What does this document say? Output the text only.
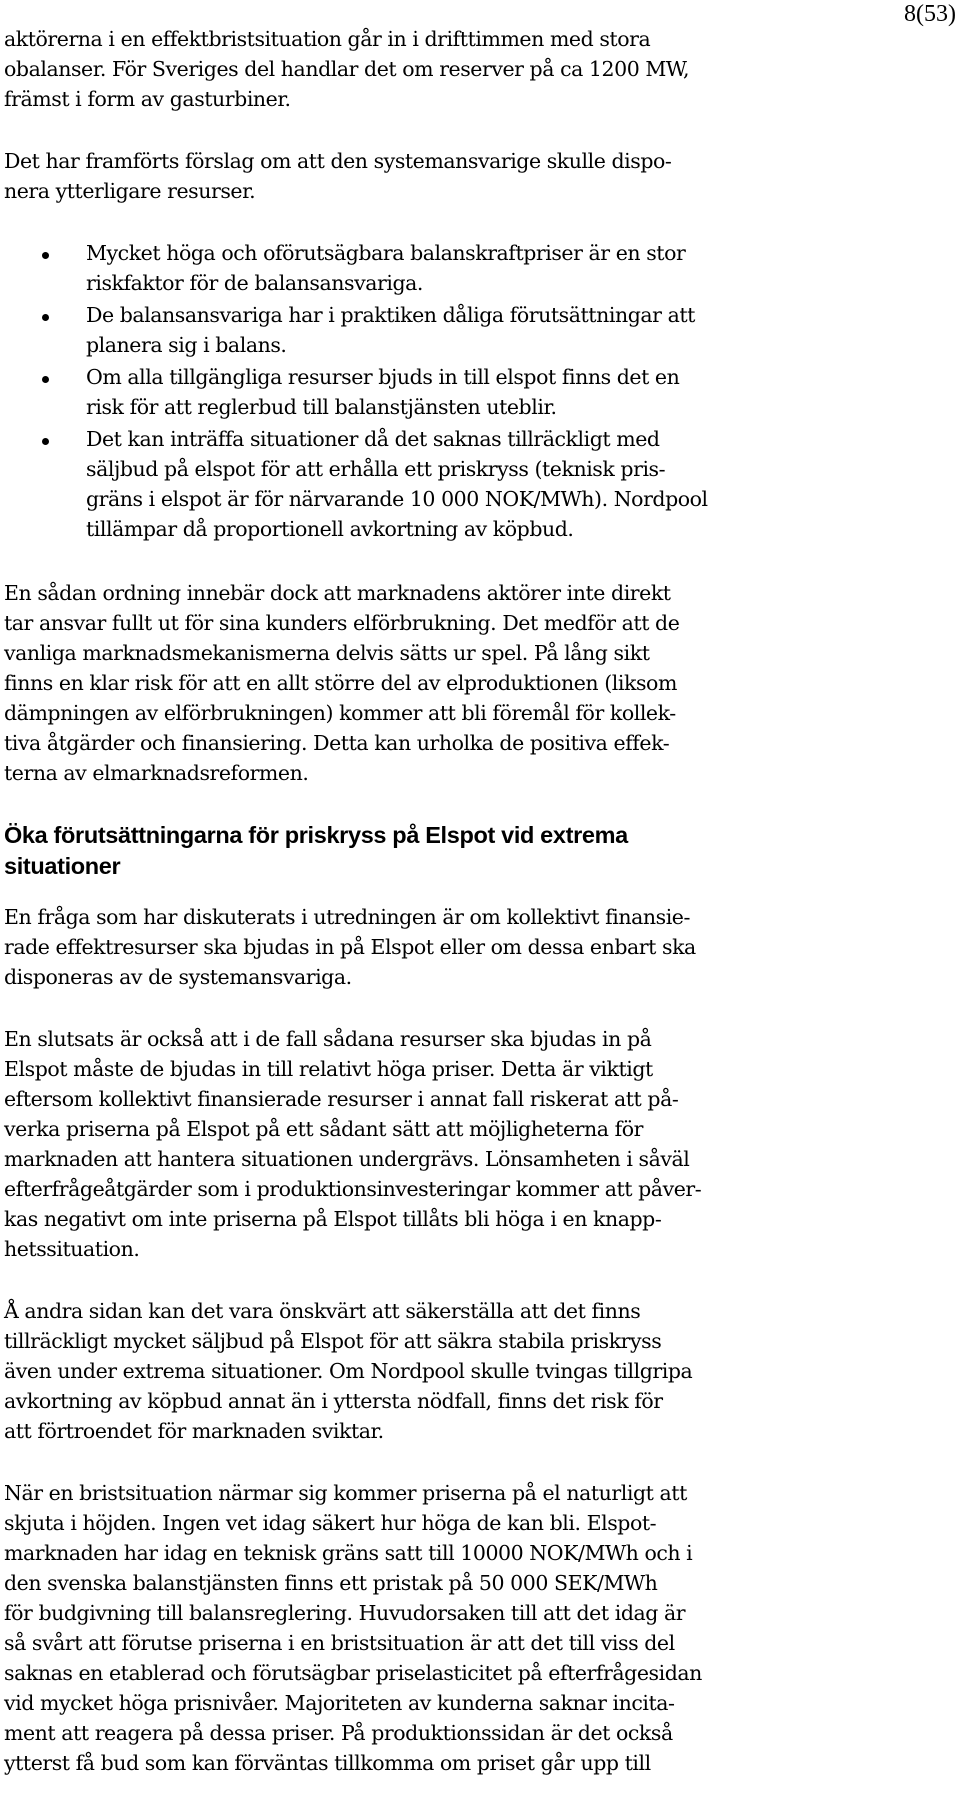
8(53)
aktörerna i en effektbristsituation går in i drifttimmen med stora
obalanser. För Sveriges del handlar det om reserver på ca 1200 MW,
främst i form av gasturbiner.
Det har framförts förslag om att den systemansvarige skulle dispo-
nera ytterligare resurser.
Mycket höga och oförutsägbara balanskraftpriser är en stor
riskfaktor för de balansansvariga.
De balansansvariga har i praktiken dåliga förutsättningar att
planera sig i balans.
Om alla tillgängliga resurser bjuds in till elspot finns det en
risk för att reglerbud till balanstjänsten uteblir.
Det kan inträffa situationer då det saknas tillräckligt med
säljbud på elspot för att erhålla ett priskryss (teknisk pris-
gräns i elspot är för närvarande 10 000 NOK/MWh). Nordpool
tillämpar då proportionell avkortning av köpbud.
En sådan ordning innebär dock att marknadens aktörer inte direkt
tar ansvar fullt ut för sina kunders elförbrukning. Det medför att de
vanliga marknadsmekanismerna delvis sätts ur spel. På lång sikt
finns en klar risk för att en allt större del av elproduktionen (liksom
dämpningen av elförbrukningen) kommer att bli föremål för kollek-
tiva åtgärder och finansiering. Detta kan urholka de positiva effek-
terna av elmarknadsreformen.
Öka förutsättningarna för priskryss på Elspot vid extrema
situationer
En fråga som har diskuterats i utredningen är om kollektivt finansie-
rade effektresurser ska bjudas in på Elspot eller om dessa enbart ska
disponeras av de systemansvariga.
En slutsats är också att i de fall sådana resurser ska bjudas in på
Elspot måste de bjudas in till relativt höga priser. Detta är viktigt
eftersom kollektivt finansierade resurser i annat fall riskerat att på-
verka priserna på Elspot på ett sådant sätt att möjligheterna för
marknaden att hantera situationen undergrävs. Lönsamheten i såväl
efterfrågeåtgärder som i produktionsinvesteringar kommer att påver-
kas negativt om inte priserna på Elspot tillåts bli höga i en knapp-
hetssituation.
Å andra sidan kan det vara önskvärt att säkerställa att det finns
tillräckligt mycket säljbud på Elspot för att säkra stabila priskryss
även under extrema situationer. Om Nordpool skulle tvingas tillgripa
avkortning av köpbud annat än i yttersta nödfall, finns det risk för
att förtroendet för marknaden sviktar.
När en bristsituation närmar sig kommer priserna på el naturligt att
skjuta i höjden. Ingen vet idag säkert hur höga de kan bli. Elspot-
marknaden har idag en teknisk gräns satt till 10000 NOK/MWh och i
den svenska balanstjänsten finns ett pristak på 50 000 SEK/MWh
för budgivning till balansreglering. Huvudorsaken till att det idag är
så svårt att förutse priserna i en bristsituation är att det till viss del
saknas en etablerad och förutsägbar priselasticitet på efterfrågesidan
vid mycket höga prisnivåer. Majoriteten av kunderna saknar incita-
ment att reagera på dessa priser. På produktionssidan är det också
ytterst få bud som kan förväntas tillkomma om priset går upp till
